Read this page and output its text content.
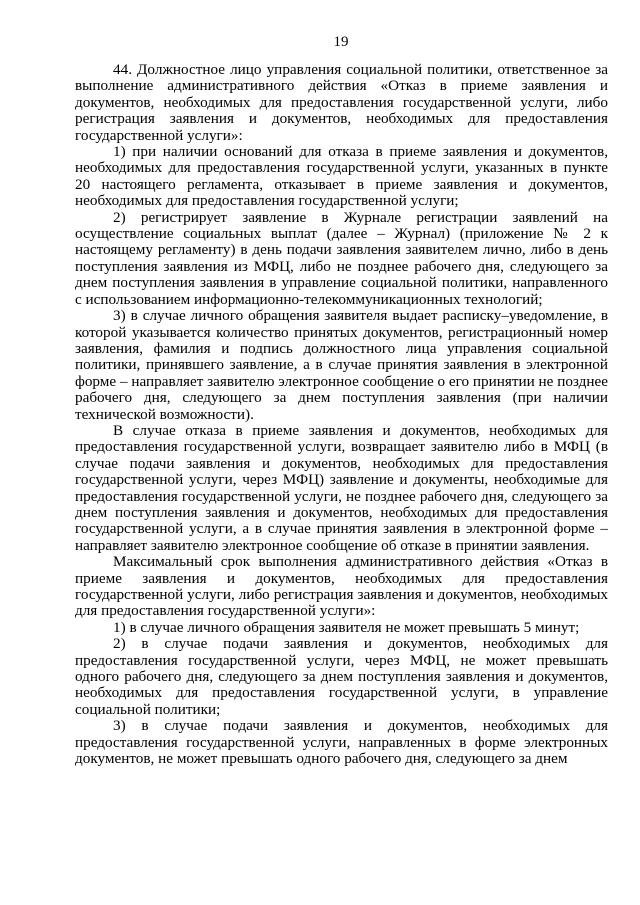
19

44. Должностное лицо управления социальной политики, ответственное за выполнение административного действия «Отказ в приеме заявления и документов, необходимых для предоставления государственной услуги, либо регистрация заявления и документов, необходимых для предоставления государственной услуги»:

1) при наличии оснований для отказа в приеме заявления и документов, необходимых для предоставления государственной услуги, указанных в пункте 20 настоящего регламента, отказывает в приеме заявления и документов, необходимых для предоставления государственной услуги;

2) регистрирует заявление в Журнале регистрации заявлений на осуществление социальных выплат (далее – Журнал) (приложение № 2 к настоящему регламенту) в день подачи заявления заявителем лично, либо в день поступления заявления из МФЦ, либо не позднее рабочего дня, следующего за днем поступления заявления в управление социальной политики, направленного с использованием информационно-телекоммуникационных технологий;

3) в случае личного обращения заявителя выдает расписку–уведомление, в которой указывается количество принятых документов, регистрационный номер заявления, фамилия и подпись должностного лица управления социальной политики, принявшего заявление, а в случае принятия заявления в электронной форме – направляет заявителю электронное сообщение о его принятии не позднее рабочего дня, следующего за днем поступления заявления (при наличии технической возможности).

В случае отказа в приеме заявления и документов, необходимых для предоставления государственной услуги, возвращает заявителю либо в МФЦ (в случае подачи заявления и документов, необходимых для предоставления государственной услуги, через МФЦ) заявление и документы, необходимые для предоставления государственной услуги, не позднее рабочего дня, следующего за днем поступления заявления и документов, необходимых для предоставления государственной услуги, а в случае принятия заявления в электронной форме – направляет заявителю электронное сообщение об отказе в принятии заявления.

Максимальный срок выполнения административного действия «Отказ в приеме заявления и документов, необходимых для предоставления государственной услуги, либо регистрация заявления и документов, необходимых для предоставления государственной услуги»:

1) в случае личного обращения заявителя не может превышать 5 минут;

2) в случае подачи заявления и документов, необходимых для предоставления государственной услуги, через МФЦ, не может превышать одного рабочего дня, следующего за днем поступления заявления и документов, необходимых для предоставления государственной услуги, в управление социальной политики;

3) в случае подачи заявления и документов, необходимых для предоставления государственной услуги, направленных в форме электронных документов, не может превышать одного рабочего дня, следующего за днем
